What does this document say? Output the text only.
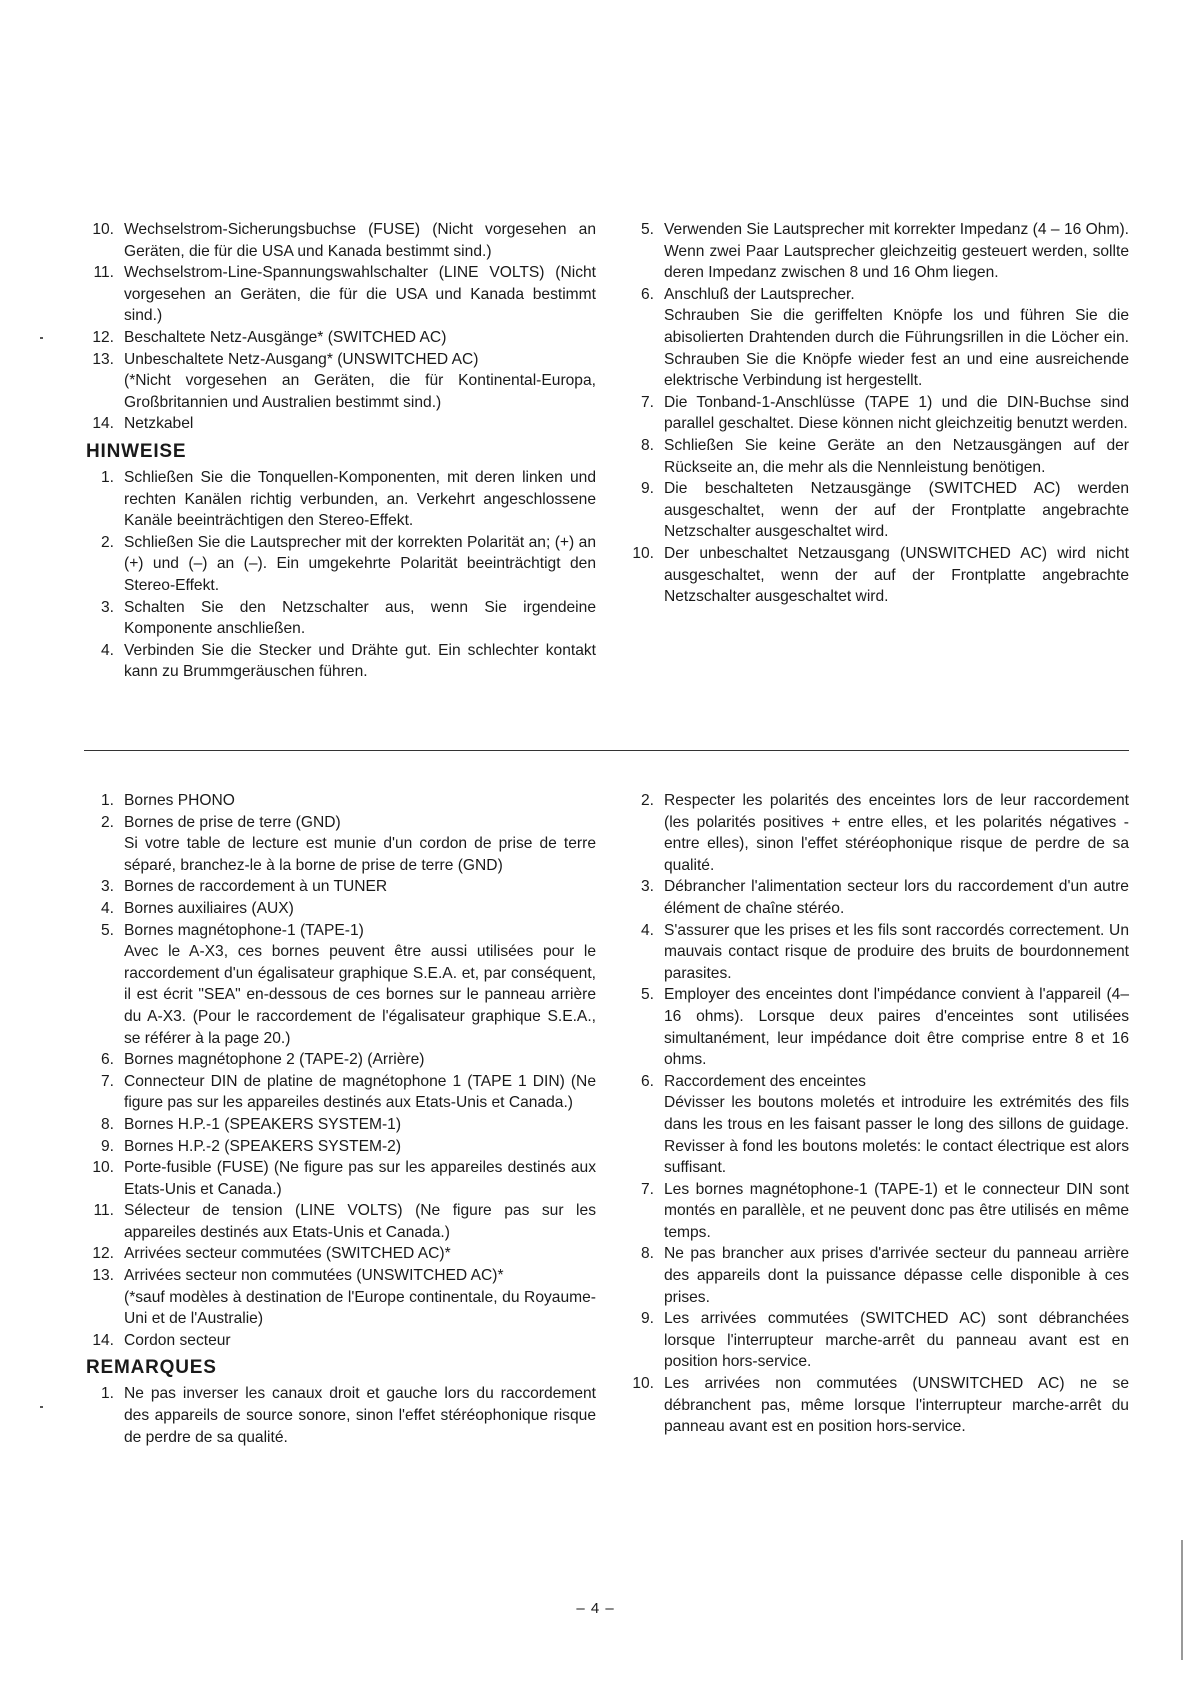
10. Wechselstrom-Sicherungsbuchse (FUSE) (Nicht vorgesehen an Geräten, die für die USA und Kanada bestimmt sind.)
11. Wechselstrom-Line-Spannungswahlschalter (LINE VOLTS) (Nicht vorgesehen an Geräten, die für die USA und Kanada bestimmt sind.)
12. Beschaltete Netz-Ausgänge* (SWITCHED AC)
13. Unbeschaltete Netz-Ausgang* (UNSWITCHED AC)
(*Nicht vorgesehen an Geräten, die für Kontinental-Europa, Großbritannien und Australien bestimmt sind.)
14. Netzkabel
HINWEISE
1. Schließen Sie die Tonquellen-Komponenten, mit deren linken und rechten Kanälen richtig verbunden, an. Verkehrt angeschlossene Kanäle beeinträchtigen den Stereo-Effekt.
2. Schließen Sie die Lautsprecher mit der korrekten Polarität an; (+) an (+) und (–) an (–). Ein umgekehrte Polarität beeinträchtigt den Stereo-Effekt.
3. Schalten Sie den Netzschalter aus, wenn Sie irgendeine Komponente anschließen.
4. Verbinden Sie die Stecker und Drähte gut. Ein schlechter kontakt kann zu Brummgeräuschen führen.
5. Verwenden Sie Lautsprecher mit korrekter Impedanz (4 – 16 Ohm). Wenn zwei Paar Lautsprecher gleichzeitig gesteuert werden, sollte deren Impedanz zwischen 8 und 16 Ohm liegen.
6. Anschluß der Lautsprecher.
Schrauben Sie die geriffelten Knöpfe los und führen Sie die abisolierten Drahtenden durch die Führungsrillen in die Löcher ein. Schrauben Sie die Knöpfe wieder fest an und eine ausreichende elektrische Verbindung ist hergestellt.
7. Die Tonband-1-Anschlüsse (TAPE 1) und die DIN-Buchse sind parallel geschaltet. Diese können nicht gleichzeitig benutzt werden.
8. Schließen Sie keine Geräte an den Netzausgängen auf der Rückseite an, die mehr als die Nennleistung benötigen.
9. Die beschalteten Netzausgänge (SWITCHED AC) werden ausgeschaltet, wenn der auf der Frontplatte angebrachte Netzschalter ausgeschaltet wird.
10. Der unbeschaltet Netzausgang (UNSWITCHED AC) wird nicht ausgeschaltet, wenn der auf der Frontplatte angebrachte Netzschalter ausgeschaltet wird.
1. Bornes PHONO
2. Bornes de prise de terre (GND)
Si votre table de lecture est munie d'un cordon de prise de terre séparé, branchez-le à la borne de prise de terre (GND)
3. Bornes de raccordement à un TUNER
4. Bornes auxiliaires (AUX)
5. Bornes magnétophone-1 (TAPE-1)
Avec le A-X3, ces bornes peuvent être aussi utilisées pour le raccordement d'un égalisateur graphique S.E.A. et, par conséquent, il est écrit "SEA" en-dessous de ces bornes sur le panneau arrière du A-X3. (Pour le raccordement de l'égalisateur graphique S.E.A., se référer à la page 20.)
6. Bornes magnétophone 2 (TAPE-2) (Arrière)
7. Connecteur DIN de platine de magnétophone 1 (TAPE 1 DIN) (Ne figure pas sur les appareiles destinés aux Etats-Unis et Canada.)
8. Bornes H.P.-1 (SPEAKERS SYSTEM-1)
9. Bornes H.P.-2 (SPEAKERS SYSTEM-2)
10. Porte-fusible (FUSE) (Ne figure pas sur les appareiles destinés aux Etats-Unis et Canada.)
11. Sélecteur de tension (LINE VOLTS) (Ne figure pas sur les appareiles destinés aux Etats-Unis et Canada.)
12. Arrivées secteur commutées (SWITCHED AC)*
13. Arrivées secteur non commutées (UNSWITCHED AC)*
(*sauf modèles à destination de l'Europe continentale, du Royaume-Uni et de l'Australie)
14. Cordon secteur
REMARQUES
1. Ne pas inverser les canaux droit et gauche lors du raccordement des appareils de source sonore, sinon l'effet stéréophonique risque de perdre de sa qualité.
2. Respecter les polarités des enceintes lors de leur raccordement (les polarités positives + entre elles, et les polarités négatives - entre elles), sinon l'effet stéréophonique risque de perdre de sa qualité.
3. Débrancher l'alimentation secteur lors du raccordement d'un autre élément de chaîne stéréo.
4. S'assurer que les prises et les fils sont raccordés correctement. Un mauvais contact risque de produire des bruits de bourdonnement parasites.
5. Employer des enceintes dont l'impédance convient à l'appareil (4–16 ohms). Lorsque deux paires d'enceintes sont utilisées simultanément, leur impédance doit être comprise entre 8 et 16 ohms.
6. Raccordement des enceintes
Dévisser les boutons moletés et introduire les extrémités des fils dans les trous en les faisant passer le long des sillons de guidage. Revisser à fond les boutons moletés: le contact électrique est alors suffisant.
7. Les bornes magnétophone-1 (TAPE-1) et le connecteur DIN sont montés en parallèle, et ne peuvent donc pas être utilisés en même temps.
8. Ne pas brancher aux prises d'arrivée secteur du panneau arrière des appareils dont la puissance dépasse celle disponible à ces prises.
9. Les arrivées commutées (SWITCHED AC) sont débranchées lorsque l'interrupteur marche-arrêt du panneau avant est en position hors-service.
10. Les arrivées non commutées (UNSWITCHED AC) ne se débranchent pas, même lorsque l'interrupteur marche-arrêt du panneau avant est en position hors-service.
– 4 –
